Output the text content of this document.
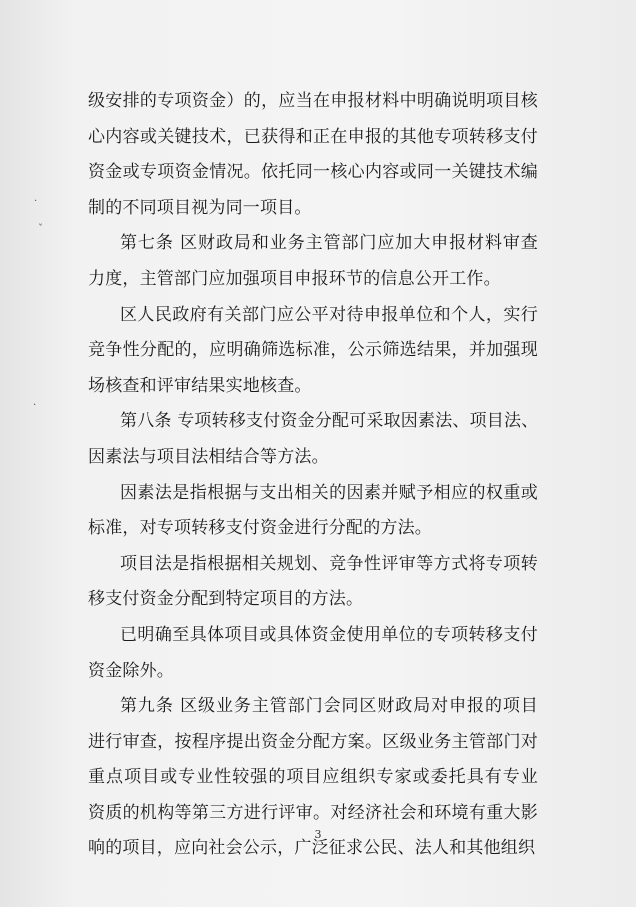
·
ˇ
·
级安排的专项资金）的，应当在申报材料中明确说明项目核
心内容或关键技术，已获得和正在申报的其他专项转移支付
资金或专项资金情况。依托同一核心内容或同一关键技术编
制的不同项目视为同一项目。
第七条 区财政局和业务主管部门应加大申报材料审查
力度，主管部门应加强项目申报环节的信息公开工作。
区人民政府有关部门应公平对待申报单位和个人，实行
竞争性分配的，应明确筛选标准，公示筛选结果，并加强现
场核查和评审结果实地核查。
第八条 专项转移支付资金分配可采取因素法、项目法、
因素法与项目法相结合等方法。
因素法是指根据与支出相关的因素并赋予相应的权重或
标准，对专项转移支付资金进行分配的方法。
项目法是指根据相关规划、竞争性评审等方式将专项转
移支付资金分配到特定项目的方法。
已明确至具体项目或具体资金使用单位的专项转移支付
资金除外。
第九条 区级业务主管部门会同区财政局对申报的项目
进行审查，按程序提出资金分配方案。区级业务主管部门对
重点项目或专业性较强的项目应组织专家或委托具有专业
资质的机构等第三方进行评审。对经济社会和环境有重大影
响的项目，应向社会公示，广泛征求公民、法人和其他组织
3
